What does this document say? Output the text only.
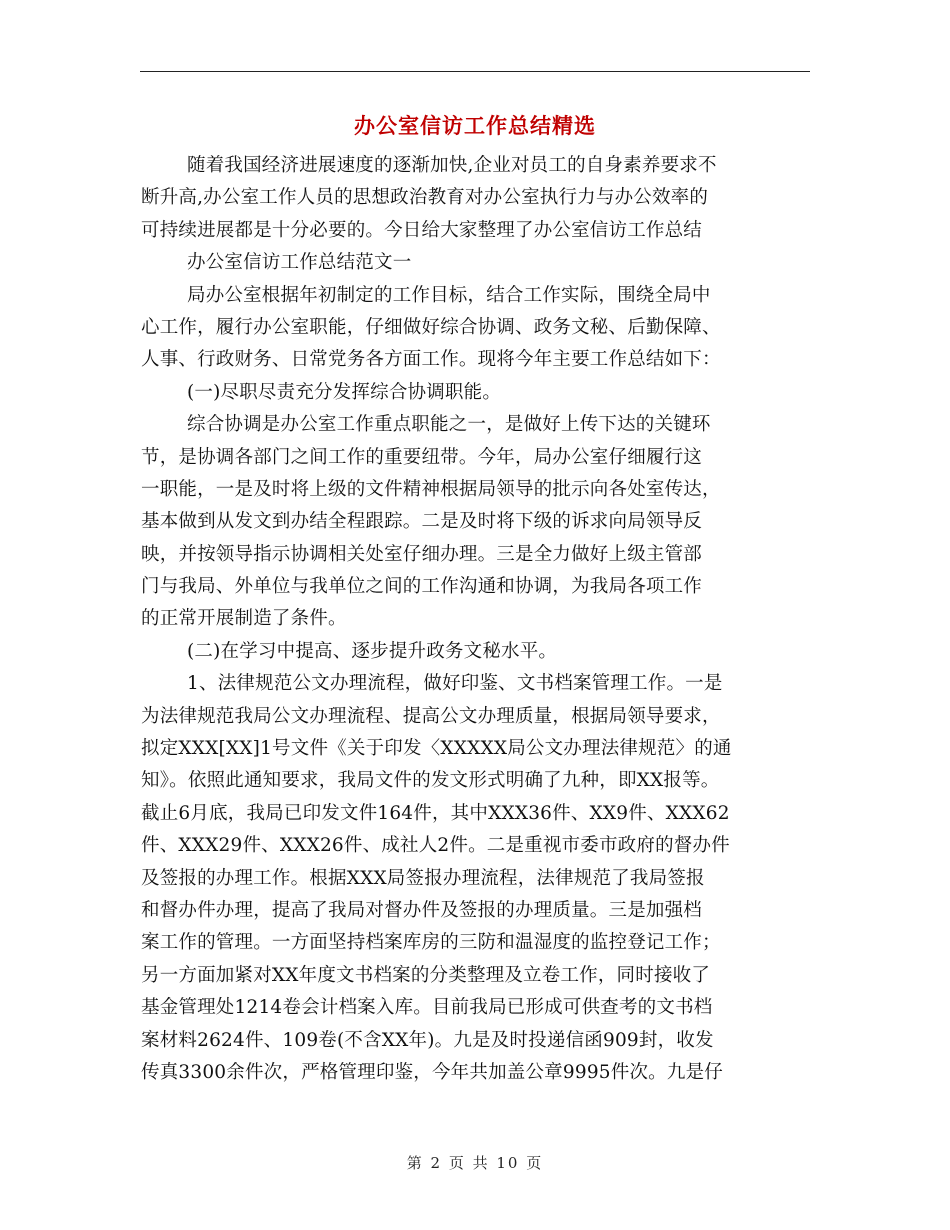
办公室信访工作总结精选
随着我国经济进展速度的逐渐加快,企业对员工的自身素养要求不
断升高,办公室工作人员的思想政治教育对办公室执行力与办公效率的
可持续进展都是十分必要的。今日给大家整理了办公室信访工作总结
办公室信访工作总结范文一
局办公室根据年初制定的工作目标，结合工作实际，围绕全局中
心工作，履行办公室职能，仔细做好综合协调、政务文秘、后勤保障、
人事、行政财务、日常党务各方面工作。现将今年主要工作总结如下：
(一)尽职尽责充分发挥综合协调职能。
综合协调是办公室工作重点职能之一，是做好上传下达的关键环
节，是协调各部门之间工作的重要纽带。今年，局办公室仔细履行这
一职能，一是及时将上级的文件精神根据局领导的批示向各处室传达，
基本做到从发文到办结全程跟踪。二是及时将下级的诉求向局领导反
映，并按领导指示协调相关处室仔细办理。三是全力做好上级主管部
门与我局、外单位与我单位之间的工作沟通和协调，为我局各项工作
的正常开展制造了条件。
(二)在学习中提高、逐步提升政务文秘水平。
1、法律规范公文办理流程，做好印鉴、文书档案管理工作。一是
为法律规范我局公文办理流程、提高公文办理质量，根据局领导要求，
拟定XXX[XX]1号文件《关于印发〈XXXXX局公文办理法律规范〉的通
知》。依照此通知要求，我局文件的发文形式明确了九种，即XX报等。
截止6月底，我局已印发文件164件，其中XXX36件、XX9件、XXX62
件、XXX29件、XXX26件、成社人2件。二是重视市委市政府的督办件
及签报的办理工作。根据XXX局签报办理流程，法律规范了我局签报
和督办件办理，提高了我局对督办件及签报的办理质量。三是加强档
案工作的管理。一方面坚持档案库房的三防和温湿度的监控登记工作；
另一方面加紧对XX年度文书档案的分类整理及立卷工作，同时接收了
基金管理处1214卷会计档案入库。目前我局已形成可供查考的文书档
案材料2624件、109卷(不含XX年)。九是及时投递信函909封，收发
传真3300余件次，严格管理印鉴，今年共加盖公章9995件次。九是仔
第 2 页 共 10 页
